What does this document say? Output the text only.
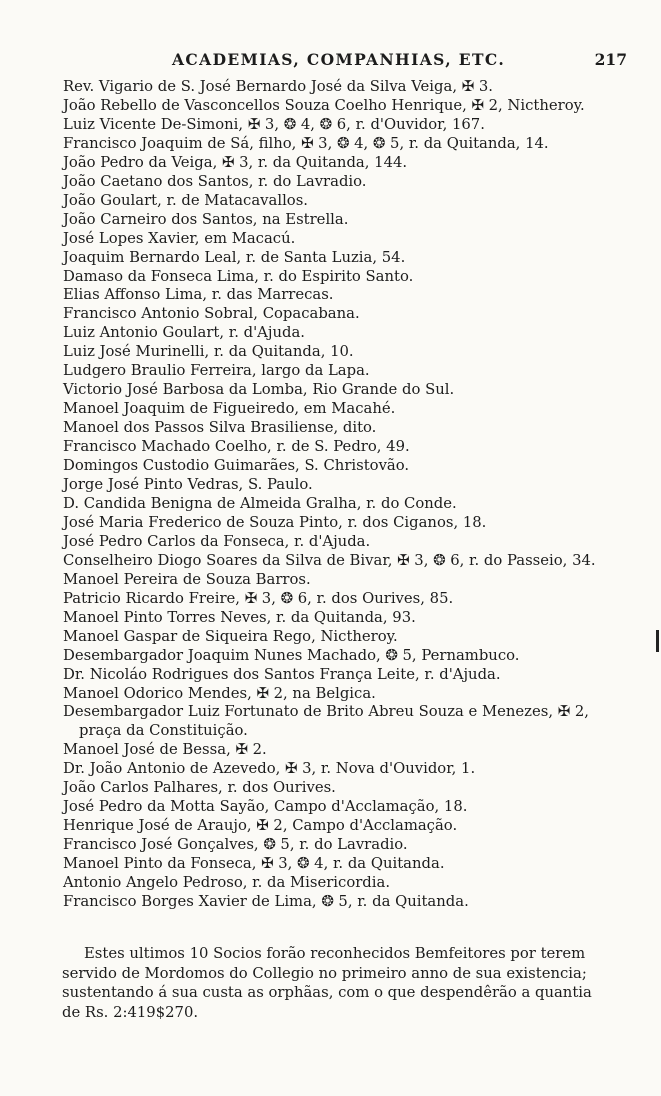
ACADEMIAS, COMPANHIAS, ETC.	217
Rev. Vigario de S. José Bernardo José da Silva Veiga, ✠ 3.
João Rebello de Vasconcellos Souza Coelho Henrique, ✠ 2, Nictheroy.
Luiz Vicente De-Simoni, ✠ 3, ❂ 4, ❂ 6, r. d'Ouvidor, 167.
Francisco Joaquim de Sá, filho, ✠ 3, ❂ 4, ❂ 5, r. da Quitanda, 14.
João Pedro da Veiga, ✠ 3, r. da Quitanda, 144.
João Caetano dos Santos, r. do Lavradio.
João Goulart, r. de Matacavallos.
João Carneiro dos Santos, na Estrella.
José Lopes Xavier, em Macacú.
Joaquim Bernardo Leal, r. de Santa Luzia, 54.
Damaso da Fonseca Lima, r. do Espirito Santo.
Elias Affonso Lima, r. das Marrecas.
Francisco Antonio Sobral, Copacabana.
Luiz Antonio Goulart, r. d'Ajuda.
Luiz José Murinelli, r. da Quitanda, 10.
Ludgero Braulio Ferreira, largo da Lapa.
Victorio José Barbosa da Lomba, Rio Grande do Sul.
Manoel Joaquim de Figueiredo, em Macahé.
Manoel dos Passos Silva Brasiliense, dito.
Francisco Machado Coelho, r. de S. Pedro, 49.
Domingos Custodio Guimarães, S. Christovão.
Jorge José Pinto Vedras, S. Paulo.
D. Candida Benigna de Almeida Gralha, r. do Conde.
José Maria Frederico de Souza Pinto, r. dos Ciganos, 18.
José Pedro Carlos da Fonseca, r. d'Ajuda.
Conselheiro Diogo Soares da Silva de Bivar, ✠ 3, ❂ 6, r. do Passeio, 34.
Manoel Pereira de Souza Barros.
Patricio Ricardo Freire, ✠ 3, ❂ 6, r. dos Ourives, 85.
Manoel Pinto Torres Neves, r. da Quitanda, 93.
Manoel Gaspar de Siqueira Rego, Nictheroy.
Desembargador Joaquim Nunes Machado, ❂ 5, Pernambuco.
Dr. Nicoláo Rodrigues dos Santos França Leite, r. d'Ajuda.
Manoel Odorico Mendes, ✠ 2, na Belgica.
Desembargador Luiz Fortunato de Brito Abreu Souza e Menezes, ✠ 2,
praça da Constituição.
Manoel José de Bessa, ✠ 2.
Dr. João Antonio de Azevedo, ✠ 3, r. Nova d'Ouvidor, 1.
João Carlos Palhares, r. dos Ourives.
José Pedro da Motta Sayão, Campo d'Acclamação, 18.
Henrique José de Araujo, ✠ 2, Campo d'Acclamação.
Francisco José Gonçalves, ❂ 5, r. do Lavradio.
Manoel Pinto da Fonseca, ✠ 3, ❂ 4, r. da Quitanda.
Antonio Angelo Pedroso, r. da Misericordia.
Francisco Borges Xavier de Lima, ❂ 5, r. da Quitanda.

Estes ultimos 10 Socios forão reconhecidos Bemfeitores por terem

servido de Mordomos do Collegio no primeiro anno de sua existencia;

sustentando á sua custa as orphãas, com o que despendêrão a quantia

de Rs. 2:419$270.
